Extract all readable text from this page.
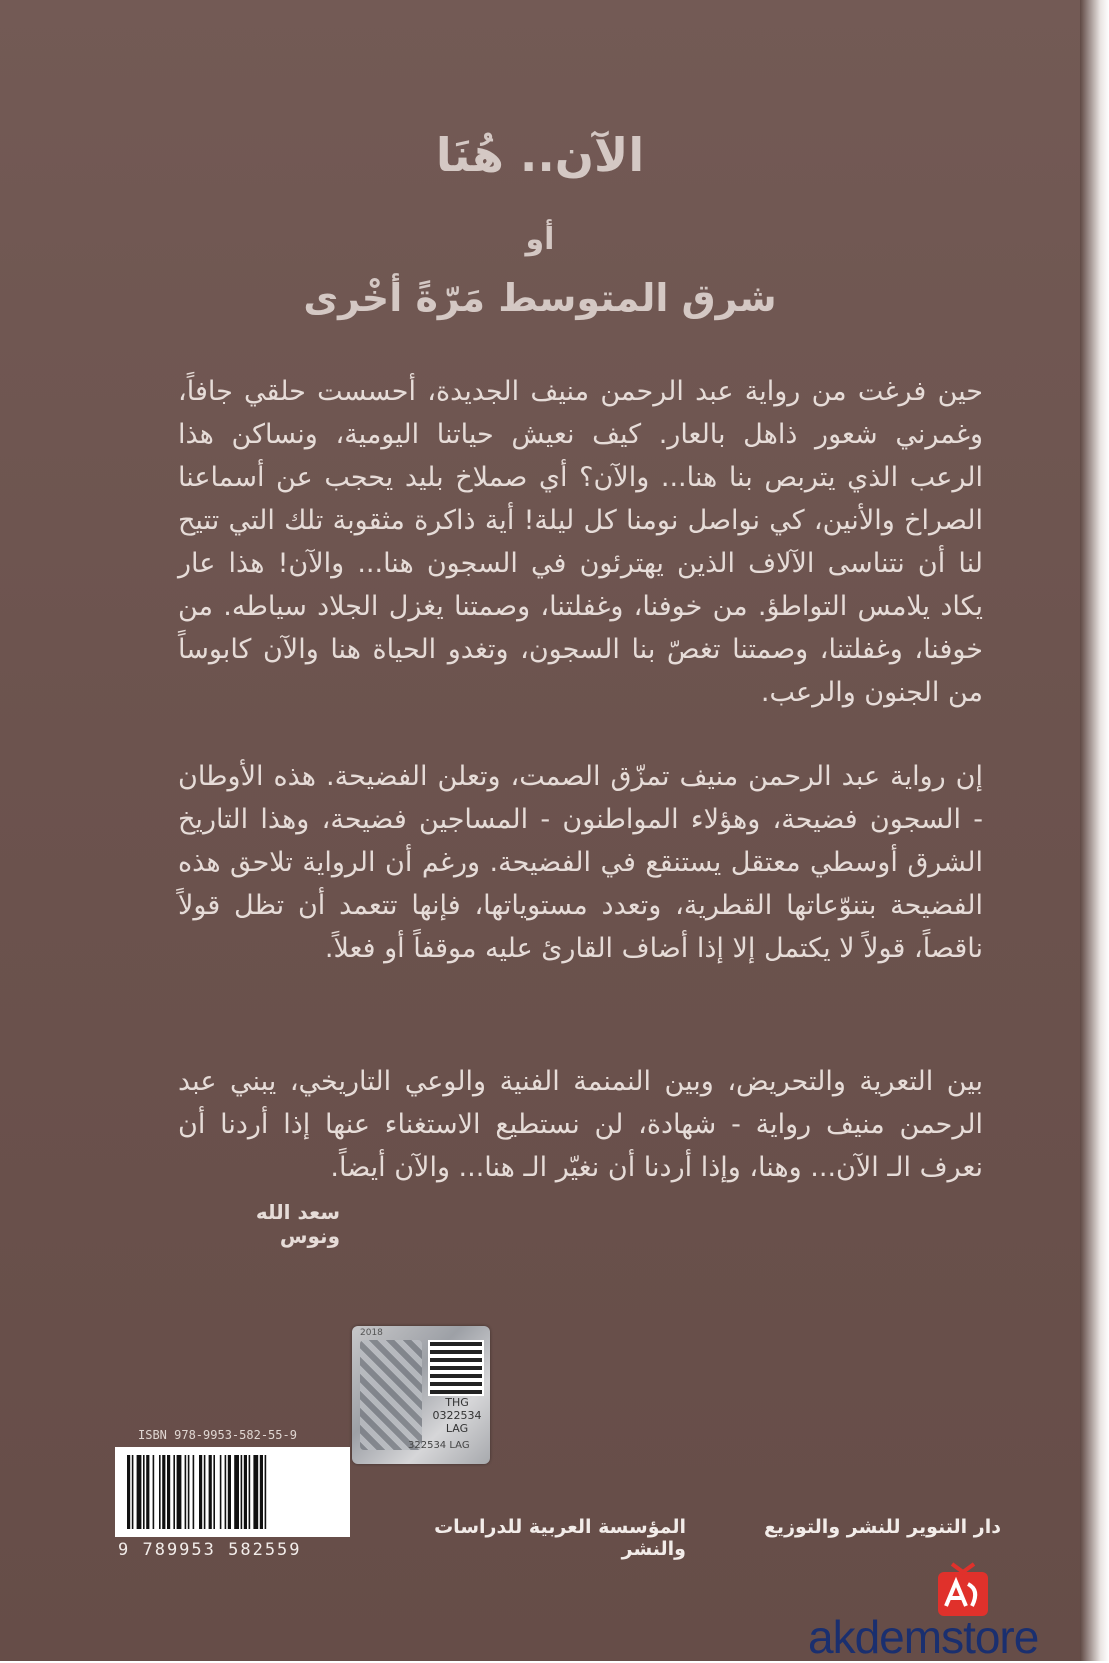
الآن.. هُنَا
أو
شرق المتوسط مَرّةً أخْرى
حين فرغت من رواية عبد الرحمن منيف الجديدة، أحسست حلقي جافاً، وغمرني شعور ذاهل بالعار. كيف نعيش حياتنا اليومية، ونساكن هذا الرعب الذي يتربص بنا هنا... والآن؟ أي صملاخ بليد يحجب عن أسماعنا الصراخ والأنين، كي نواصل نومنا كل ليلة! أية ذاكرة مثقوبة تلك التي تتيح لنا أن نتناسى الآلاف الذين يهترئون في السجون هنا... والآن! هذا عار يكاد يلامس التواطؤ. من خوفنا، وغفلتنا، وصمتنا يغزل الجلاد سياطه. من خوفنا، وغفلتنا، وصمتنا تغصّ بنا السجون، وتغدو الحياة هنا والآن كابوساً من الجنون والرعب.
إن رواية عبد الرحمن منيف تمزّق الصمت، وتعلن الفضيحة. هذه الأوطان - السجون فضيحة، وهؤلاء المواطنون - المساجين فضيحة، وهذا التاريخ الشرق أوسطي معتقل يستنقع في الفضيحة. ورغم أن الرواية تلاحق هذه الفضيحة بتنوّعاتها القطرية، وتعدد مستوياتها، فإنها تتعمد أن تظل قولاً ناقصاً، قولاً لا يكتمل إلا إذا أضاف القارئ عليه موقفاً أو فعلاً.
بين التعرية والتحريض، وبين النمنمة الفنية والوعي التاريخي، يبني عبد الرحمن منيف رواية - شهادة، لن نستطيع الاستغناء عنها إذا أردنا أن نعرف الـ الآن... وهنا، وإذا أردنا أن نغيّر الـ هنا... والآن أيضاً.
سعد الله ونوس
2018
THG
0322534
LAG
322534 LAG
ISBN 978-9953-582-55-9
9 789953 582559
دار التنوير للنشر والتوزيع
المؤسسة العربية للدراسات والنشر
akdemstore
